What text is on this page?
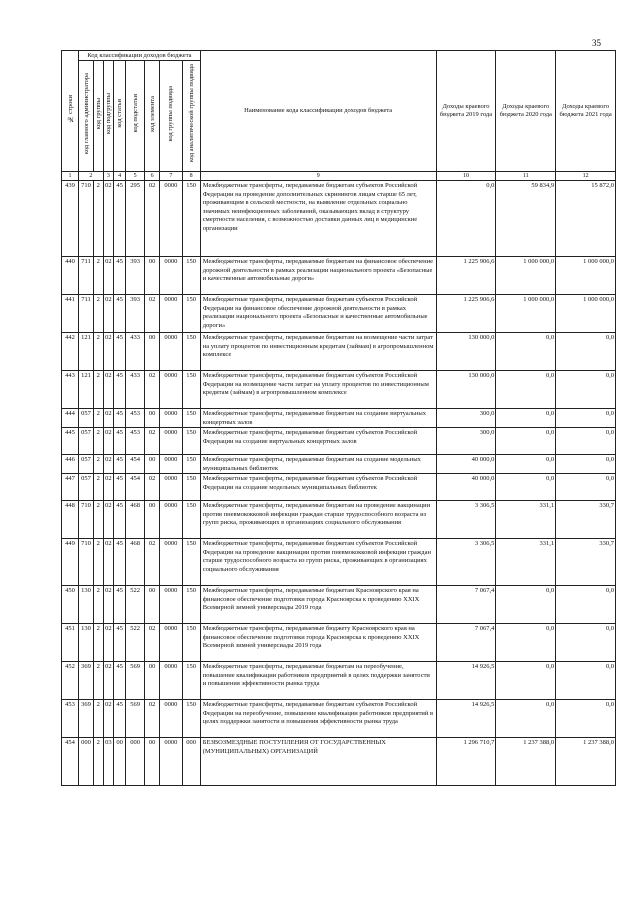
35
№ строки	Код классификации доходов бюджета								Наименование кода классификации доходов бюджета	Доходы краевого бюджета 2019 года	Доходы краевого бюджета 2020 года	Доходы краевого бюджета 2021 года
	код главного администратора	код группы	код подгруппы	код статьи	код подстатьи	код элемента	код группы подвида	код аналитической группы подвида				
1	2		3	4	5	6	7	8	9	10	11	12
439	710	2	02	45	295	02	0000	150	Межбюджетные трансферты, передаваемые бюджетам субъектов Российской Федерации на проведение дополнительных скринингов лицам старше 65 лет, проживающим в сельской местности, на выявление отдельных социально значимых неинфекционных заболеваний, оказывающих вклад в структуру смертности населения, с возможностью доставки данных лиц в медицинские организации	0,0	59 834,9	15 872,0
440	711	2	02	45	393	00	0000	150	Межбюджетные трансферты, передаваемые бюджетам на финансовое обеспечение дорожной деятельности в рамках реализации национального проекта «Безопасные и качественные автомобильные дороги»	1 225 906,6	1 000 000,0	1 000 000,0
441	711	2	02	45	393	02	0000	150	Межбюджетные трансферты, передаваемые бюджетам субъектов Российской Федерации на финансовое обеспечение дорожной деятельности в рамках реализации национального проекта «Безопасные и качественные автомобильные дороги»	1 225 906,6	1 000 000,0	1 000 000,0
442	121	2	02	45	433	00	0000	150	Межбюджетные трансферты, передаваемые бюджетам на возмещение части затрат на уплату процентов по инвестиционным кредитам (займам) в агропромышленном комплексе	130 000,0	0,0	0,0
443	121	2	02	45	433	02	0000	150	Межбюджетные трансферты, передаваемые бюджетам субъектов Российской Федерации на возмещение части затрат на уплату процентов по инвестиционным кредитам (займам) в агропромышленном комплексе	130 000,0	0,0	0,0
444	057	2	02	45	453	00	0000	150	Межбюджетные трансферты, передаваемые бюджетам на создание виртуальных концертных залов	300,0	0,0	0,0
445	057	2	02	45	453	02	0000	150	Межбюджетные трансферты, передаваемые бюджетам субъектов Российской Федерации на создание виртуальных концертных залов	300,0	0,0	0,0
446	057	2	02	45	454	00	0000	150	Межбюджетные трансферты, передаваемые бюджетам на создание модельных муниципальных библиотек	40 000,0	0,0	0,0
447	057	2	02	45	454	02	0000	150	Межбюджетные трансферты, передаваемые бюджетам субъектов Российской Федерации на создание модельных муниципальных библиотек	40 000,0	0,0	0,0
448	710	2	02	45	468	00	0000	150	Межбюджетные трансферты, передаваемые бюджетам на проведение вакцинации против пневмококковой инфекции граждан старше трудоспособного возраста из групп риска, проживающих в организациях социального обслуживания	3 306,5	331,1	330,7
449	710	2	02	45	468	02	0000	150	Межбюджетные трансферты, передаваемые бюджетам субъектов Российской Федерации на проведение вакцинации против пневмококковой инфекции граждан старше трудоспособного возраста из групп риска, проживающих в организациях социального обслуживания	3 306,5	331,1	330,7
450	130	2	02	45	522	00	0000	150	Межбюджетные трансферты, передаваемые бюджетам Красноярского края на финансовое обеспечение подготовки города Красноярска к проведению XXIX Всемирной зимней универсиады 2019 года	7 067,4	0,0	0,0
451	130	2	02	45	522	02	0000	150	Межбюджетные трансферты, передаваемые бюджету Красноярского края на финансовое обеспечение подготовки города Красноярска к проведению XXIX Всемирной зимней универсиады 2019 года	7 067,4	0,0	0,0
452	369	2	02	45	569	00	0000	150	Межбюджетные трансферты, передаваемые бюджетам на переобучение, повышение квалификации работников предприятий в целях поддержки занятости и повышения эффективности рынка труда	14 926,5	0,0	0,0
453	369	2	02	45	569	02	0000	150	Межбюджетные трансферты, передаваемые бюджетам субъектов Российской Федерации на переобучение, повышение квалификации работников предприятий в целях поддержки занятости и повышения эффективности рынка труда	14 926,5	0,0	0,0
454	000	2	03	00	000	00	0000	000	БЕЗВОЗМЕЗДНЫЕ ПОСТУПЛЕНИЯ ОТ ГОСУДАРСТВЕННЫХ (МУНИЦИПАЛЬНЫХ) ОРГАНИЗАЦИЙ	1 296 710,7	1 237 388,0	1 237 388,0
